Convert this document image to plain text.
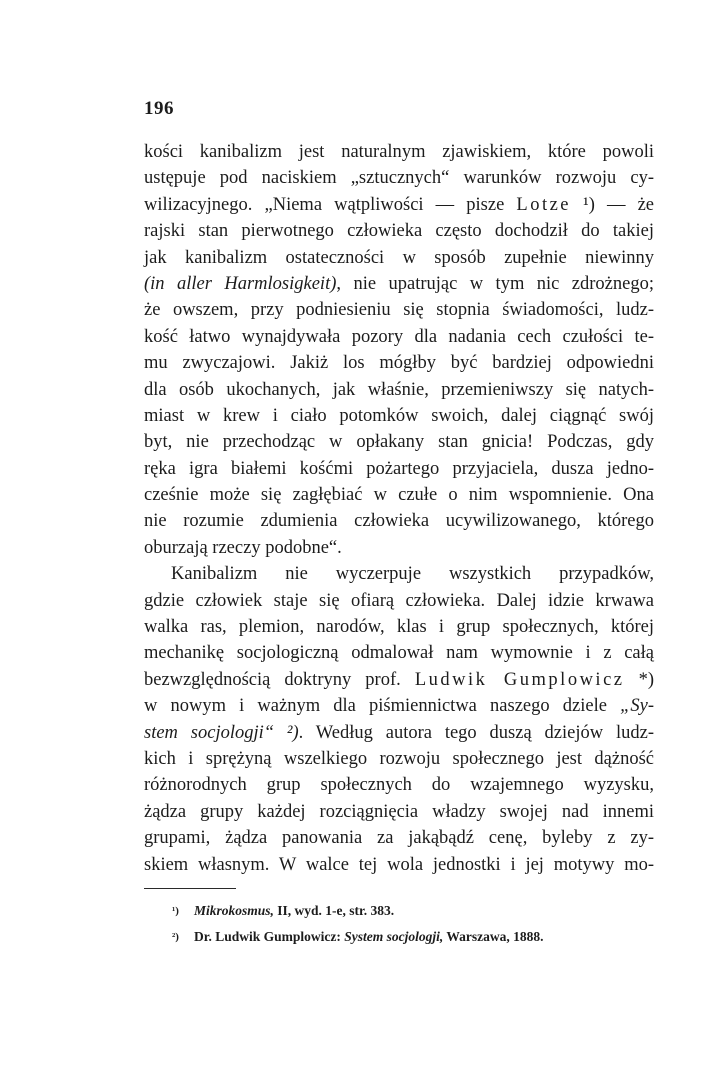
196
kości kanibalizm jest naturalnym zjawiskiem, które powoli
ustępuje pod naciskiem „sztucznych“ warunków rozwoju cy-
wilizacyjnego. „Niema wątpliwości — pisze Lotze ¹) — że
rajski stan pierwotnego człowieka często dochodził do takiej
jak kanibalizm ostateczności w sposób zupełnie niewinny
(in aller Harmlosigkeit), nie upatrując w tym nic zdrożnego;
że owszem, przy podniesieniu się stopnia świadomości, ludz-
kość łatwo wynajdywała pozory dla nadania cech czułości te-
mu zwyczajowi. Jakiż los mógłby być bardziej odpowiedni
dla osób ukochanych, jak właśnie, przemieniwszy się natych-
miast w krew i ciało potomków swoich, dalej ciągnąć swój
byt, nie przechodząc w opłakany stan gnicia! Podczas, gdy
ręka igra białemi kośćmi pożartego przyjaciela, dusza jedno-
cześnie może się zagłębiać w czułe o nim wspomnienie. Ona
nie rozumie zdumienia człowieka ucywilizowanego, którego
oburzają rzeczy podobne“.
Kanibalizm nie wyczerpuje wszystkich przypadków,
gdzie człowiek staje się ofiarą człowieka. Dalej idzie krwawa
walka ras, plemion, narodów, klas i grup społecznych, której
mechanikę socjologiczną odmalował nam wymownie i z całą
bezwzględnością doktryny prof. Ludwik Gumplowicz *)
w nowym i ważnym dla piśmiennictwa naszego dziele „Sy-
stem socjologji“ ²). Według autora tego duszą dziejów ludz-
kich i sprężyną wszelkiego rozwoju społecznego jest dążność
różnorodnych grup społecznych do wzajemnego wyzysku,
żądza grupy każdej rozciągnięcia władzy swojej nad innemi
grupami, żądza panowania za jakąbądź cenę, byleby z zy-
skiem własnym. W walce tej wola jednostki i jej motywy mo-
¹) Mikrokosmus, II, wyd. 1-e, str. 383.
²) Dr. Ludwik Gumplowicz: System socjologji, Warszawa, 1888.
